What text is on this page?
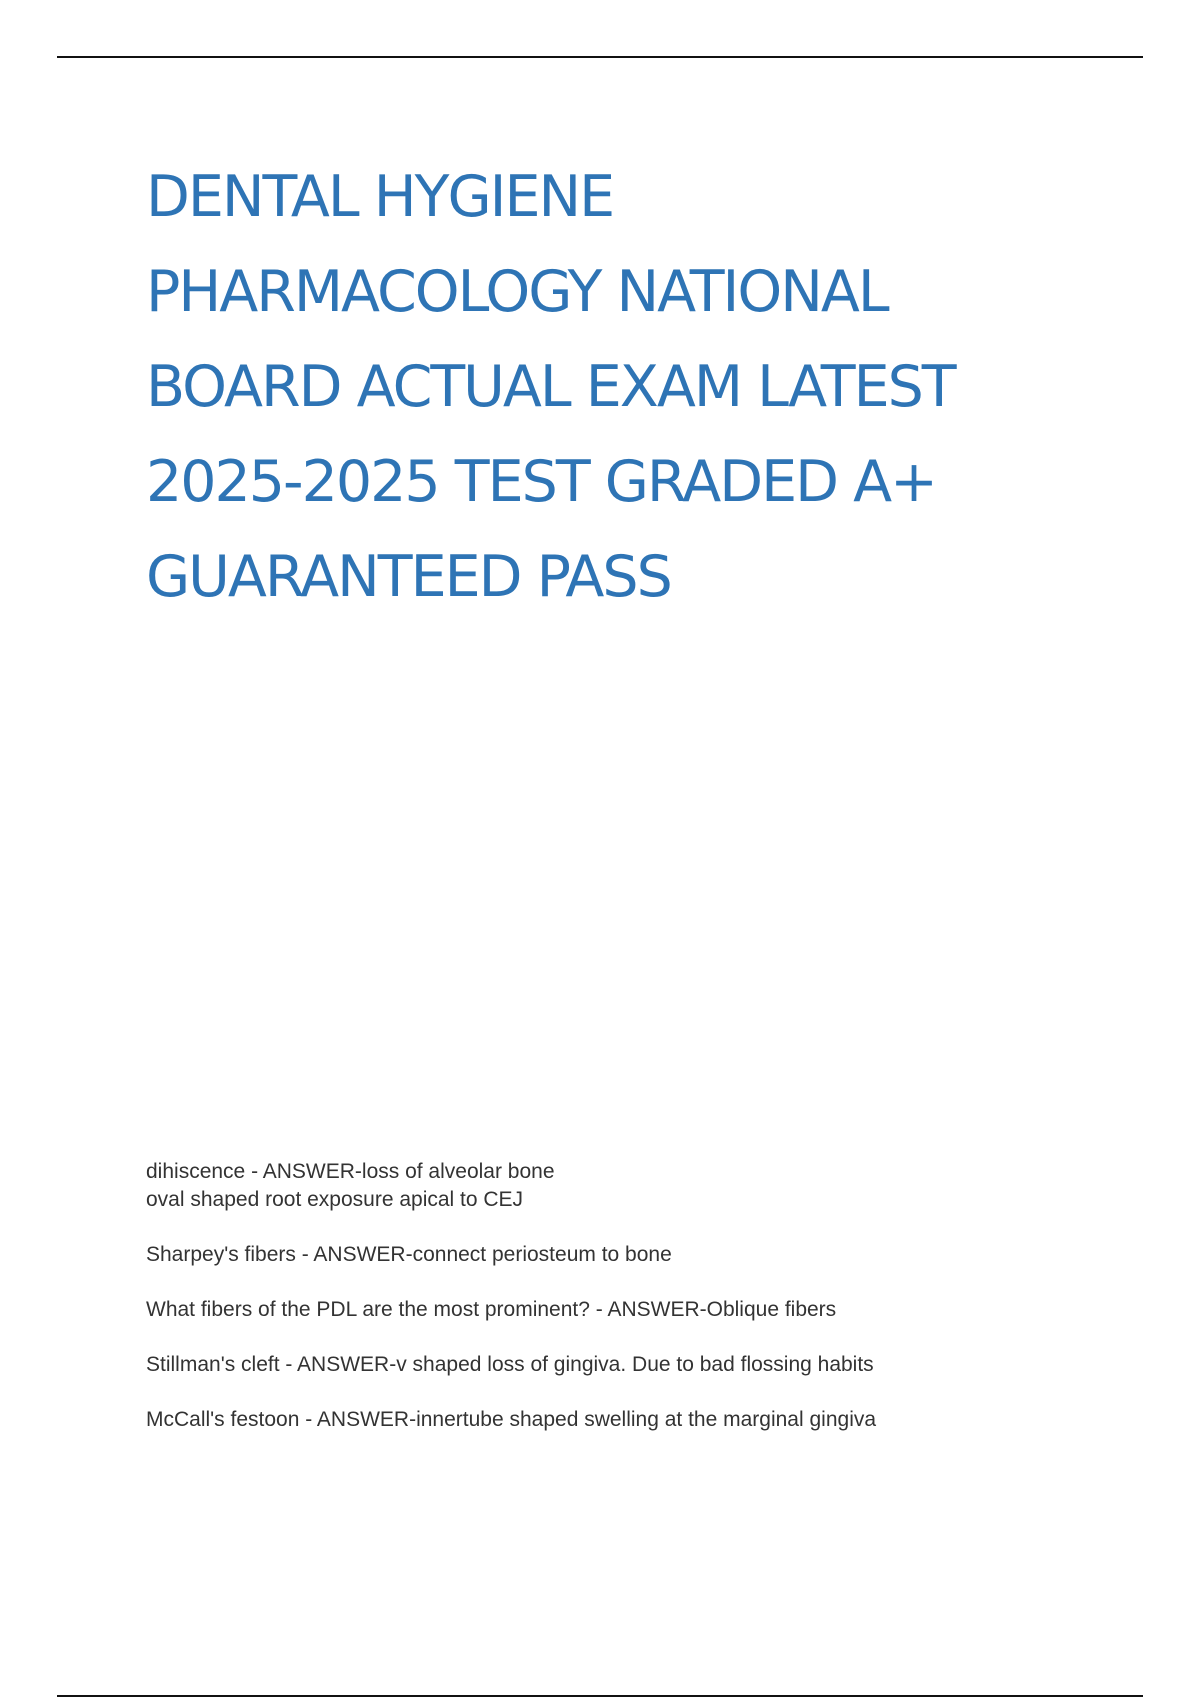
DENTAL HYGIENE
PHARMACOLOGY NATIONAL
BOARD ACTUAL EXAM LATEST
2025-2025 TEST GRADED A+
GUARANTEED PASS

dihiscence - ANSWER-loss of alveolar bone
oval shaped root exposure apical to CEJ

Sharpey's fibers - ANSWER-connect periosteum to bone

What fibers of the PDL are the most prominent? - ANSWER-Oblique fibers

Stillman's cleft - ANSWER-v shaped loss of gingiva. Due to bad flossing habits

McCall's festoon - ANSWER-innertube shaped swelling at the marginal gingiva
